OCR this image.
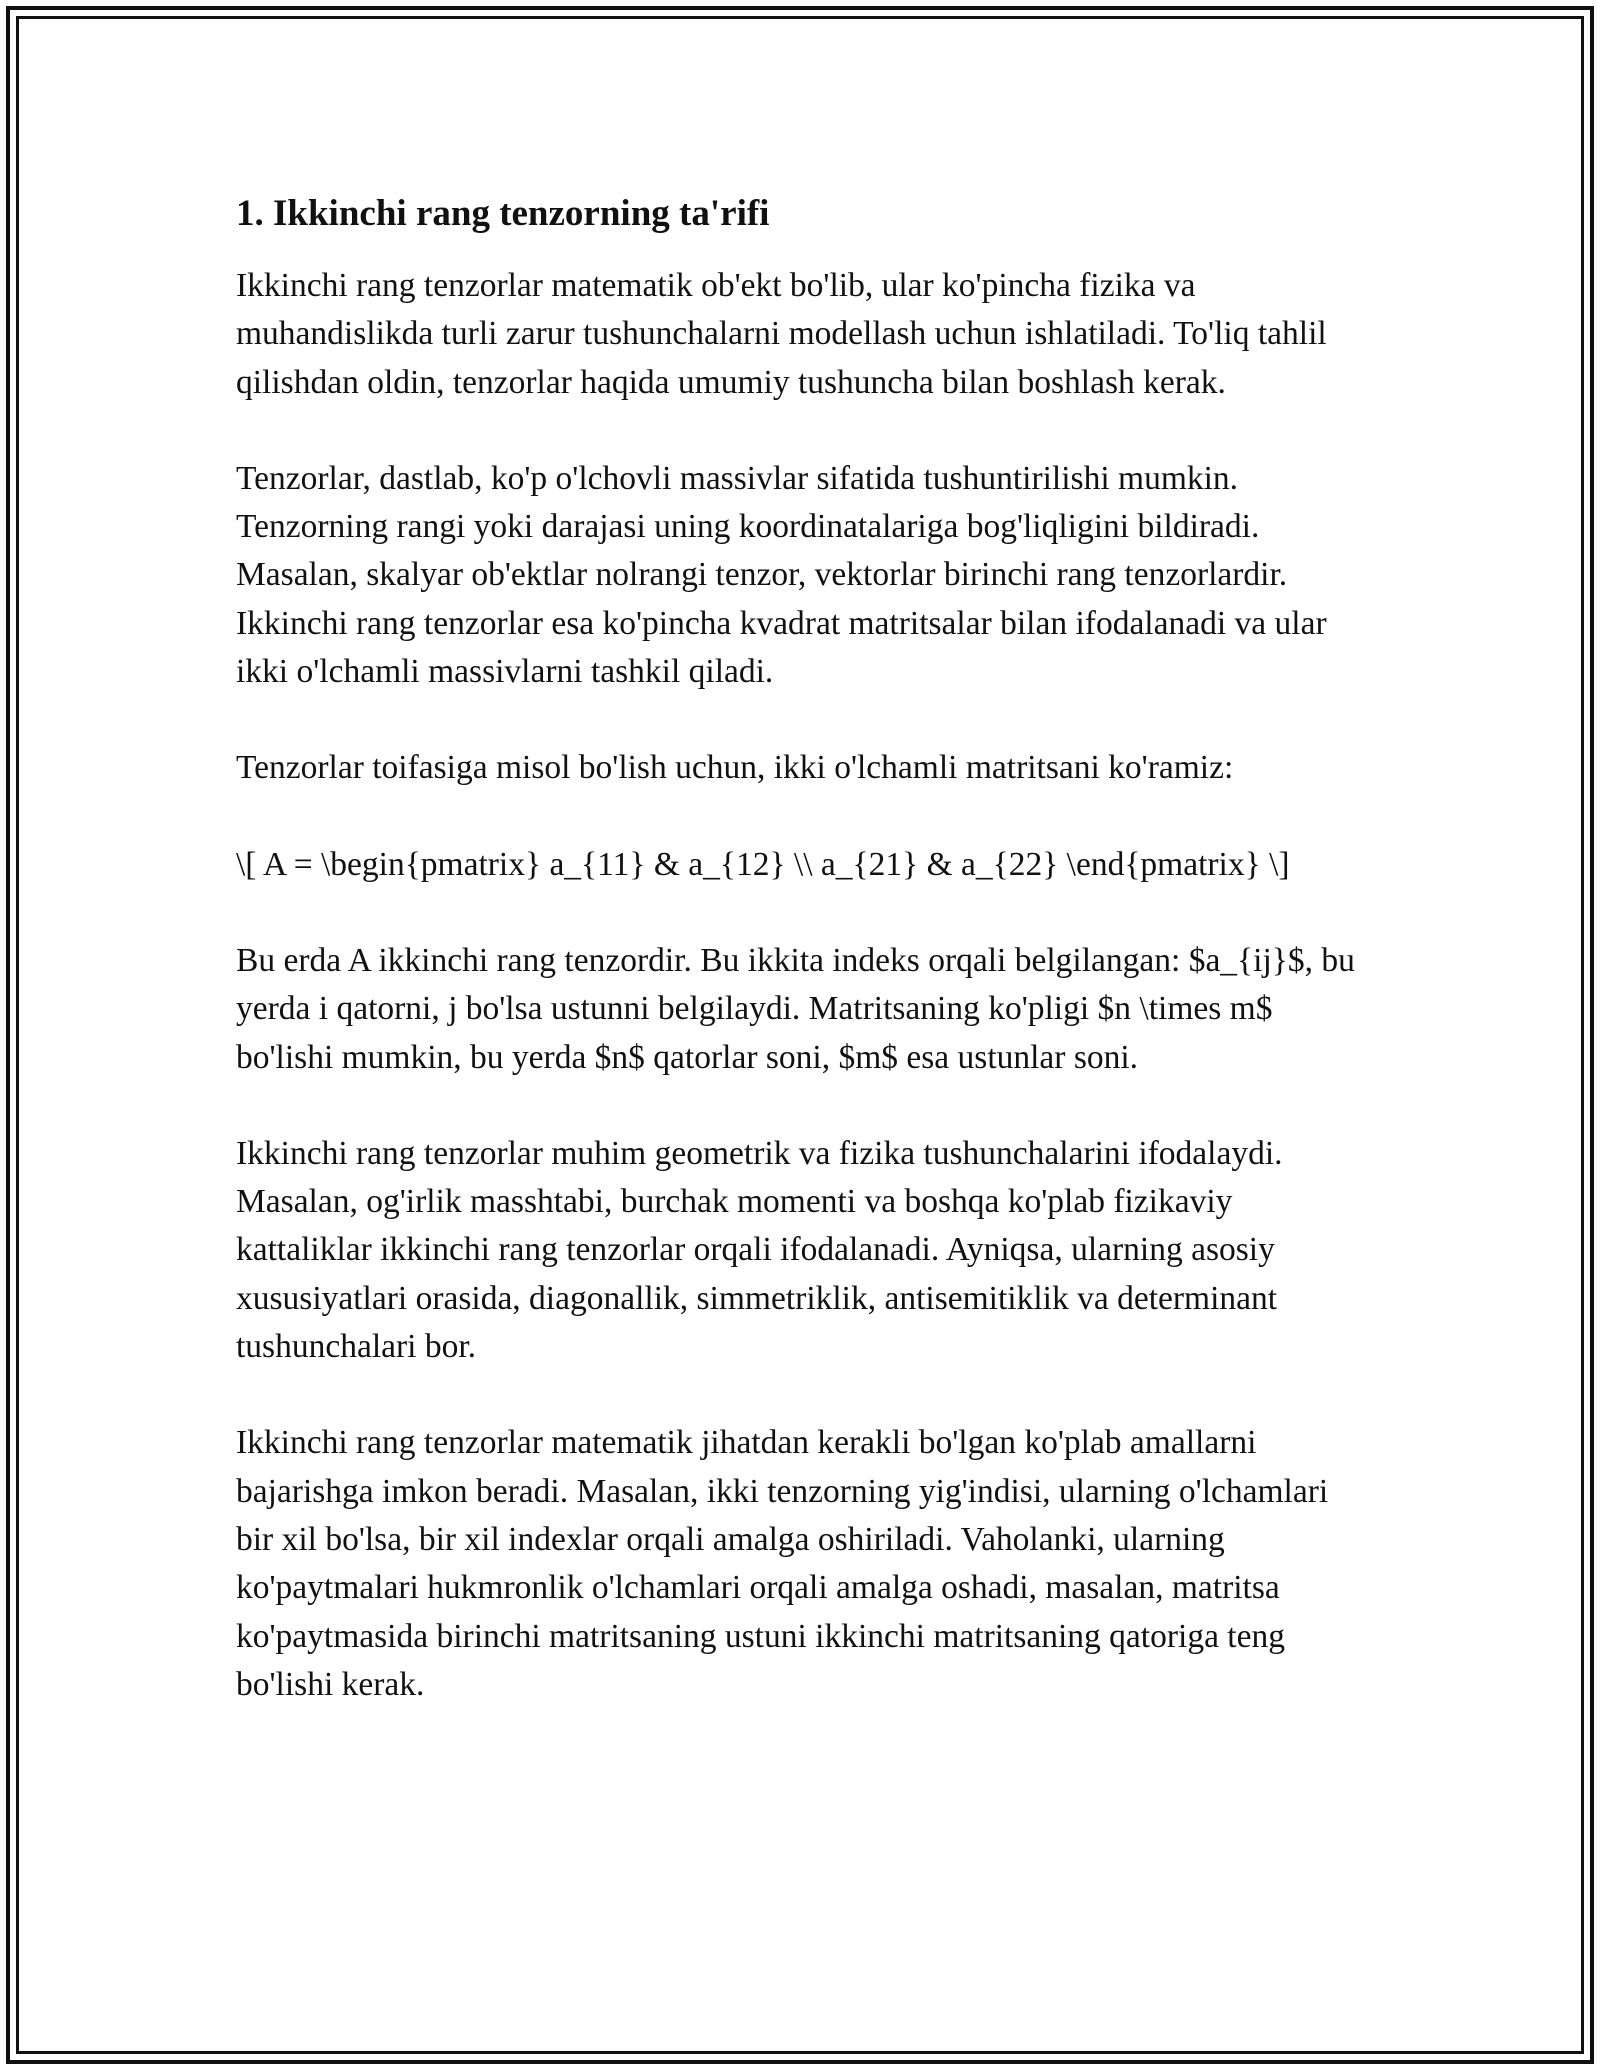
1. Ikkinchi rang tenzorning ta'rifi

Ikkinchi rang tenzorlar matematik ob'ekt bo'lib, ular ko'pincha fizika va muhandislikda turli zarur tushunchalarni modellash uchun ishlatiladi. To'liq tahlil qilishdan oldin, tenzorlar haqida umumiy tushuncha bilan boshlash kerak.

Tenzorlar, dastlab, ko'p o'lchovli massivlar sifatida tushuntirilishi mumkin. Tenzorning rangi yoki darajasi uning koordinatalariga bog'liqligini bildiradi. Masalan, skalyar ob'ektlar nolrangi tenzor, vektorlar birinchi rang tenzorlardir. Ikkinchi rang tenzorlar esa ko'pincha kvadrat matritsalar bilan ifodalanadi va ular ikki o'lchamli massivlarni tashkil qiladi.

Tenzorlar toifasiga misol bo'lish uchun, ikki o'lchamli matritsani ko'ramiz:

\[ A = \begin{pmatrix} a_{11} & a_{12} \\ a_{21} & a_{22} \end{pmatrix} \]

Bu erda A ikkinchi rang tenzordir. Bu ikkita indeks orqali belgilangan: $a_{ij}$, bu yerda i qatorni, j bo'lsa ustunni belgilaydi. Matritsaning ko'pligi $n \times m$ bo'lishi mumkin, bu yerda $n$ qatorlar soni, $m$ esa ustunlar soni.

Ikkinchi rang tenzorlar muhim geometrik va fizika tushunchalarini ifodalaydi. Masalan, og'irlik masshtabi, burchak momenti va boshqa ko'plab fizikaviy kattaliklar ikkinchi rang tenzorlar orqali ifodalanadi. Ayniqsa, ularning asosiy xususiyatlari orasida, diagonallik, simmetriklik, antisemitiklik va determinant tushunchalari bor.

Ikkinchi rang tenzorlar matematik jihatdan kerakli bo'lgan ko'plab amallarni bajarishga imkon beradi. Masalan, ikki tenzorning yig'indisi, ularning o'lchamlari bir xil bo'lsa, bir xil indexlar orqali amalga oshiriladi. Vaholanki, ularning ko'paytmalari hukmronlik o'lchamlari orqali amalga oshadi, masalan, matritsa ko'paytmasida birinchi matritsaning ustuni ikkinchi matritsaning qatoriga teng bo'lishi kerak.
